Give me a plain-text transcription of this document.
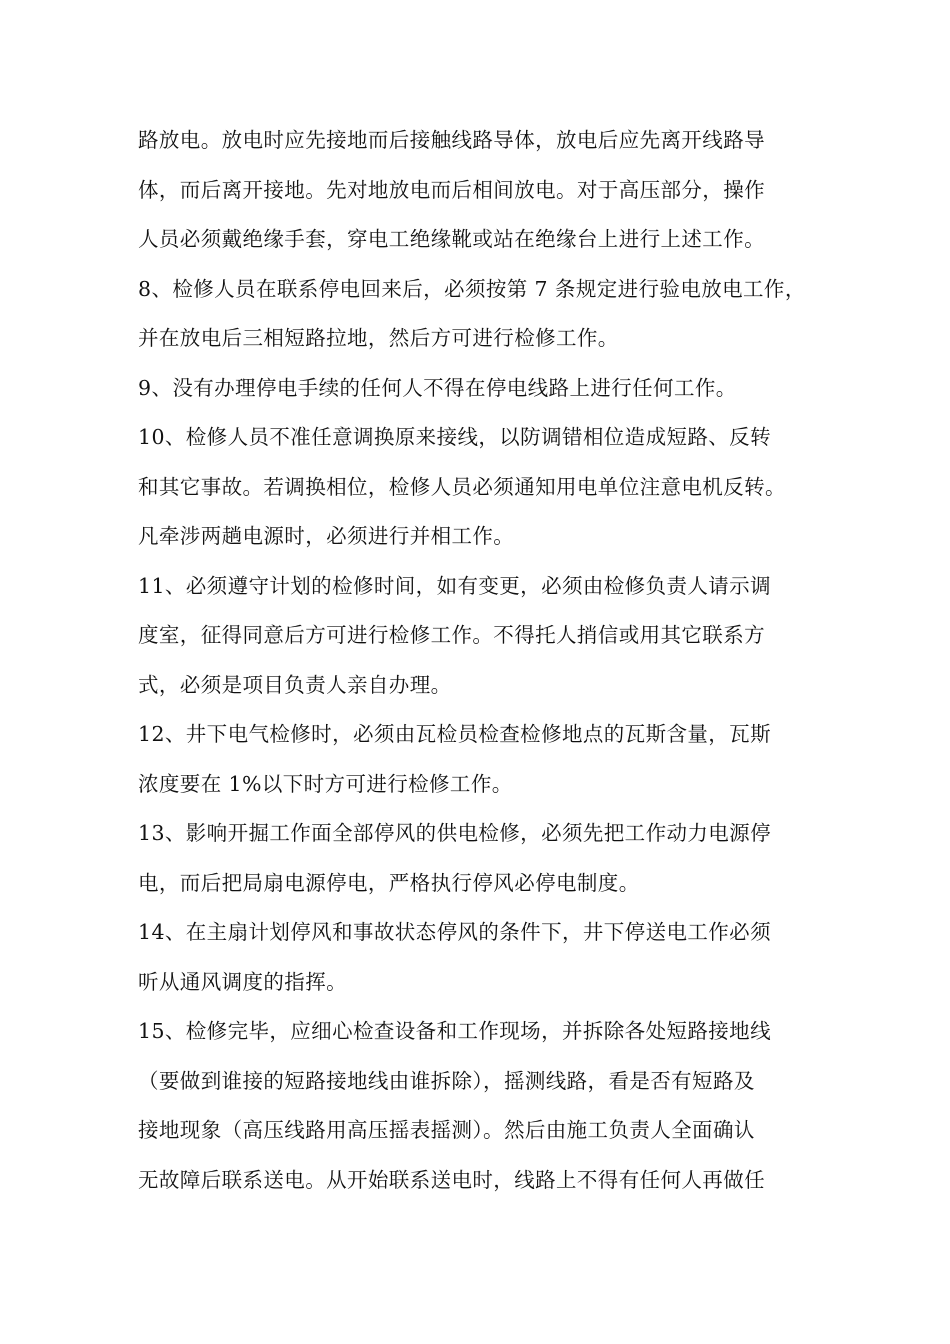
路放电。放电时应先接地而后接触线路导体，放电后应先离开线路导
体，而后离开接地。先对地放电而后相间放电。对于高压部分，操作
人员必须戴绝缘手套，穿电工绝缘靴或站在绝缘台上进行上述工作。
8、检修人员在联系停电回来后，必须按第 7 条规定进行验电放电工作，
并在放电后三相短路拉地，然后方可进行检修工作。
9、没有办理停电手续的任何人不得在停电线路上进行任何工作。
10、检修人员不准任意调换原来接线，以防调错相位造成短路、反转
和其它事故。若调换相位，检修人员必须通知用电单位注意电机反转。
凡牵涉两趟电源时，必须进行并相工作。
11、必须遵守计划的检修时间，如有变更，必须由检修负责人请示调
度室，征得同意后方可进行检修工作。不得托人捎信或用其它联系方
式，必须是项目负责人亲自办理。
12、井下电气检修时，必须由瓦检员检查检修地点的瓦斯含量，瓦斯
浓度要在 1%以下时方可进行检修工作。
13、影响开掘工作面全部停风的供电检修，必须先把工作动力电源停
电，而后把局扇电源停电，严格执行停风必停电制度。
14、在主扇计划停风和事故状态停风的条件下，井下停送电工作必须
听从通风调度的指挥。
15、检修完毕，应细心检查设备和工作现场，并拆除各处短路接地线
（要做到谁接的短路接地线由谁拆除），摇测线路，看是否有短路及
接地现象（高压线路用高压摇表摇测）。然后由施工负责人全面确认
无故障后联系送电。从开始联系送电时，线路上不得有任何人再做任
